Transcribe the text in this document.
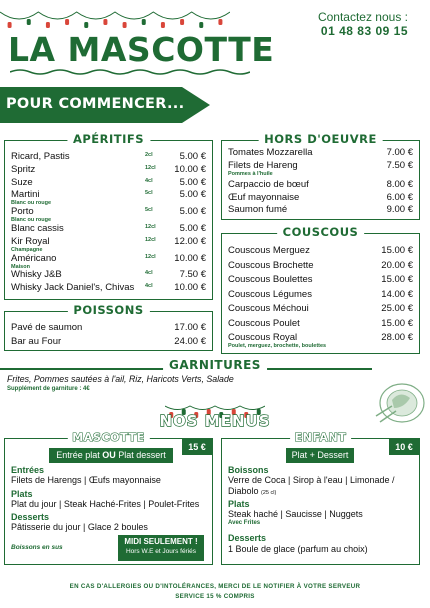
LA MASCOTTE
Contactez nous :
01 48 83 09 15
POUR COMMENCER...
APÉRITIFS
Ricard, Pastis	2cl	5.00 €
Spritz	12cl 10.00 €
Suze	4cl	5.00 €
Martini	5cl	5.00 €
Blanc ou rouge
Porto	5cl	5.00 €
Blanc ou rouge
Blanc cassis	12cl	5.00 €
Kir Royal	12cl 12.00 €
Champagne
Américano	12cl 10.00 €
Maison
Whisky J&B	4cl	7.50 €
Whisky Jack Daniel's, Chivas 4cl 10.00 €
HORS D'OEUVRE
Tomates Mozzarella	7.00 €
Filets de Hareng	7.50 €
Pommes à l'huile
Carpaccio de bœuf	8.00 €
Œuf mayonnaise	6.00 €
Saumon fumé	9.00 €
COUSCOUS
Couscous Merguez	15.00 €
Couscous Brochette	20.00 €
Couscous Boulettes	15.00 €
Couscous Légumes	14.00 €
Couscous Méchoui	25.00 €
Couscous Poulet	15.00 €
Couscous Royal	28.00 €
Poulet, merguez, brochette, boulettes
POISSONS
Pavé de saumon	17.00 €
Bar au Four	24.00 €
GARNITURES
Frites, Pommes sautées à l'ail, Riz, Haricots Verts, Salade
Supplément de garniture : 4€
NOS MENUS
MASCOTTE
15 €
Entrée plat OU Plat dessert
Entrées
Filets de Harengs | Œufs mayonnaise
Plats
Plat du jour | Steak Haché-Frites | Poulet-Frites
Desserts
Pâtisserie du jour | Glace 2 boules
Boissons en sus
MIDI SEULEMENT !
Hors W.E et Jours fériés
ENFANT
10 €
Plat + Dessert
Boissons
Verre de Coca | Sirop à l'eau | Limonade /
Diabolo (25 cl)
Plats
Steak haché | Saucisse | Nuggets
Avec Frites
Desserts
1 Boule de glace (parfum au choix)
EN CAS D'ALLERGIES OU D'INTOLÉRANCES, MERCI DE LE NOTIFIER À VOTRE SERVEUR
SERVICE 15 % COMPRIS
